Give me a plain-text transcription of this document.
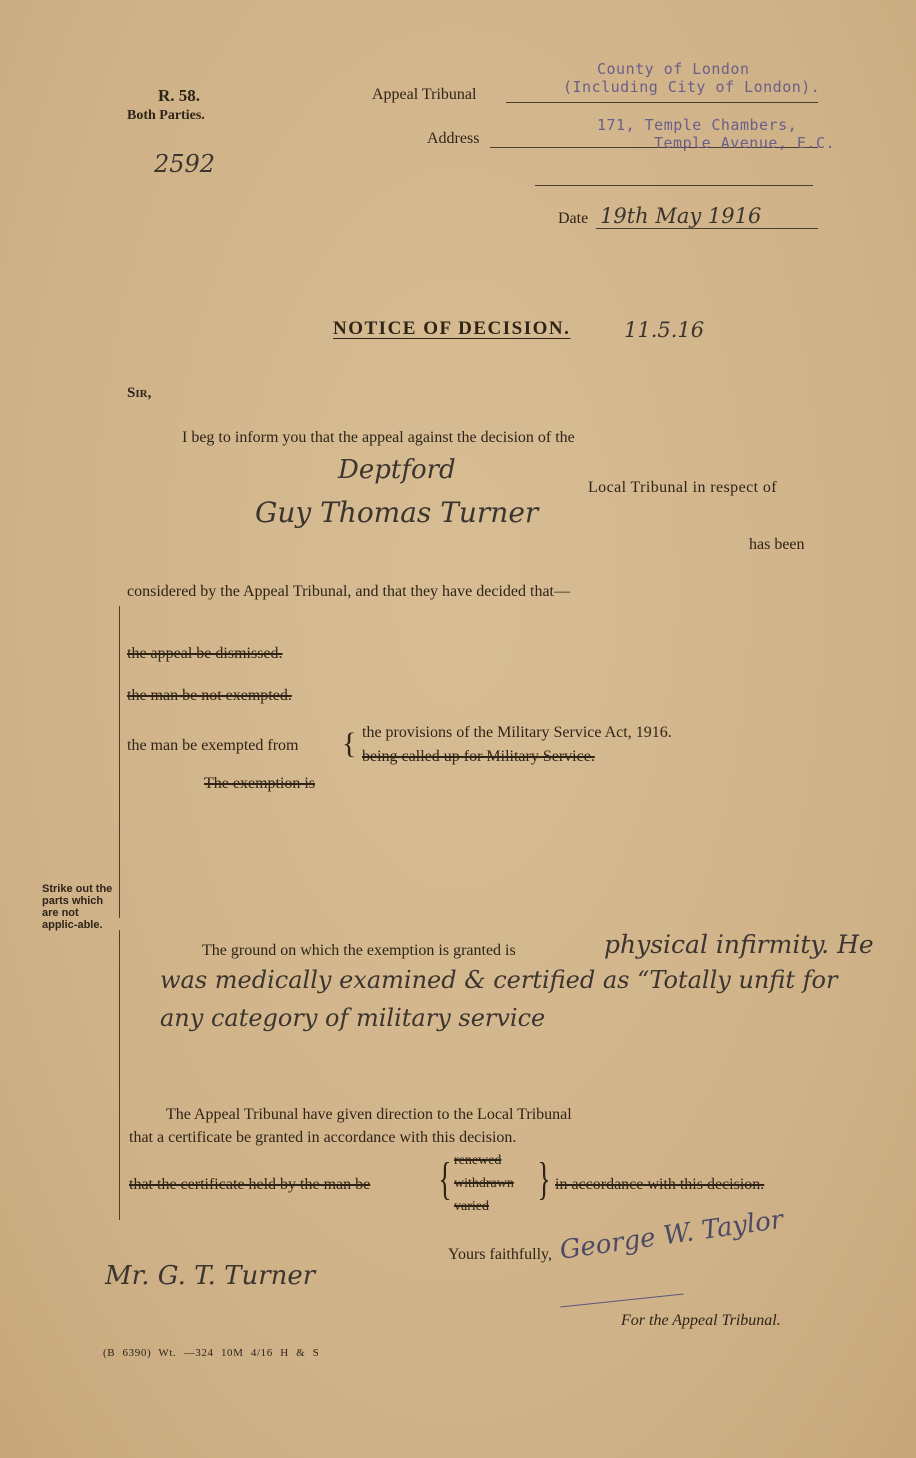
R. 58.
Both Parties.
2592
Appeal Tribunal
County of London
(Including City of London).
Address
171, Temple Chambers,
Temple Avenue, E.C.
Date 19th May 1916
NOTICE OF DECISION.	11.5.16
Sir,
I beg to inform you that the appeal against the decision of the
Deptford
Local Tribunal in respect of
Guy Thomas Turner
has been
considered by the Appeal Tribunal, and that they have decided that—
Strike out the parts which are not applic-able.
the appeal be dismissed.
the man be not exempted.
the man be exempted from { the provisions of the Military Service Act, 1916.
being called up for Military Service.
The exemption is
The ground on which the exemption is granted is	physical infirmity. He
was medically examined & certified as “Totally unfit for
any category of military service
The Appeal Tribunal have given direction to the Local Tribunal
that a certificate be granted in accordance with this decision.
that the certificate held by the man be { renewed
withdrawn
varied
} in accordance with this decision.
Yours faithfully, George W. Taylor
For the Appeal Tribunal.
Mr. G. T. Turner
(B 6390) Wt. —324 10M 4/16 H & S
